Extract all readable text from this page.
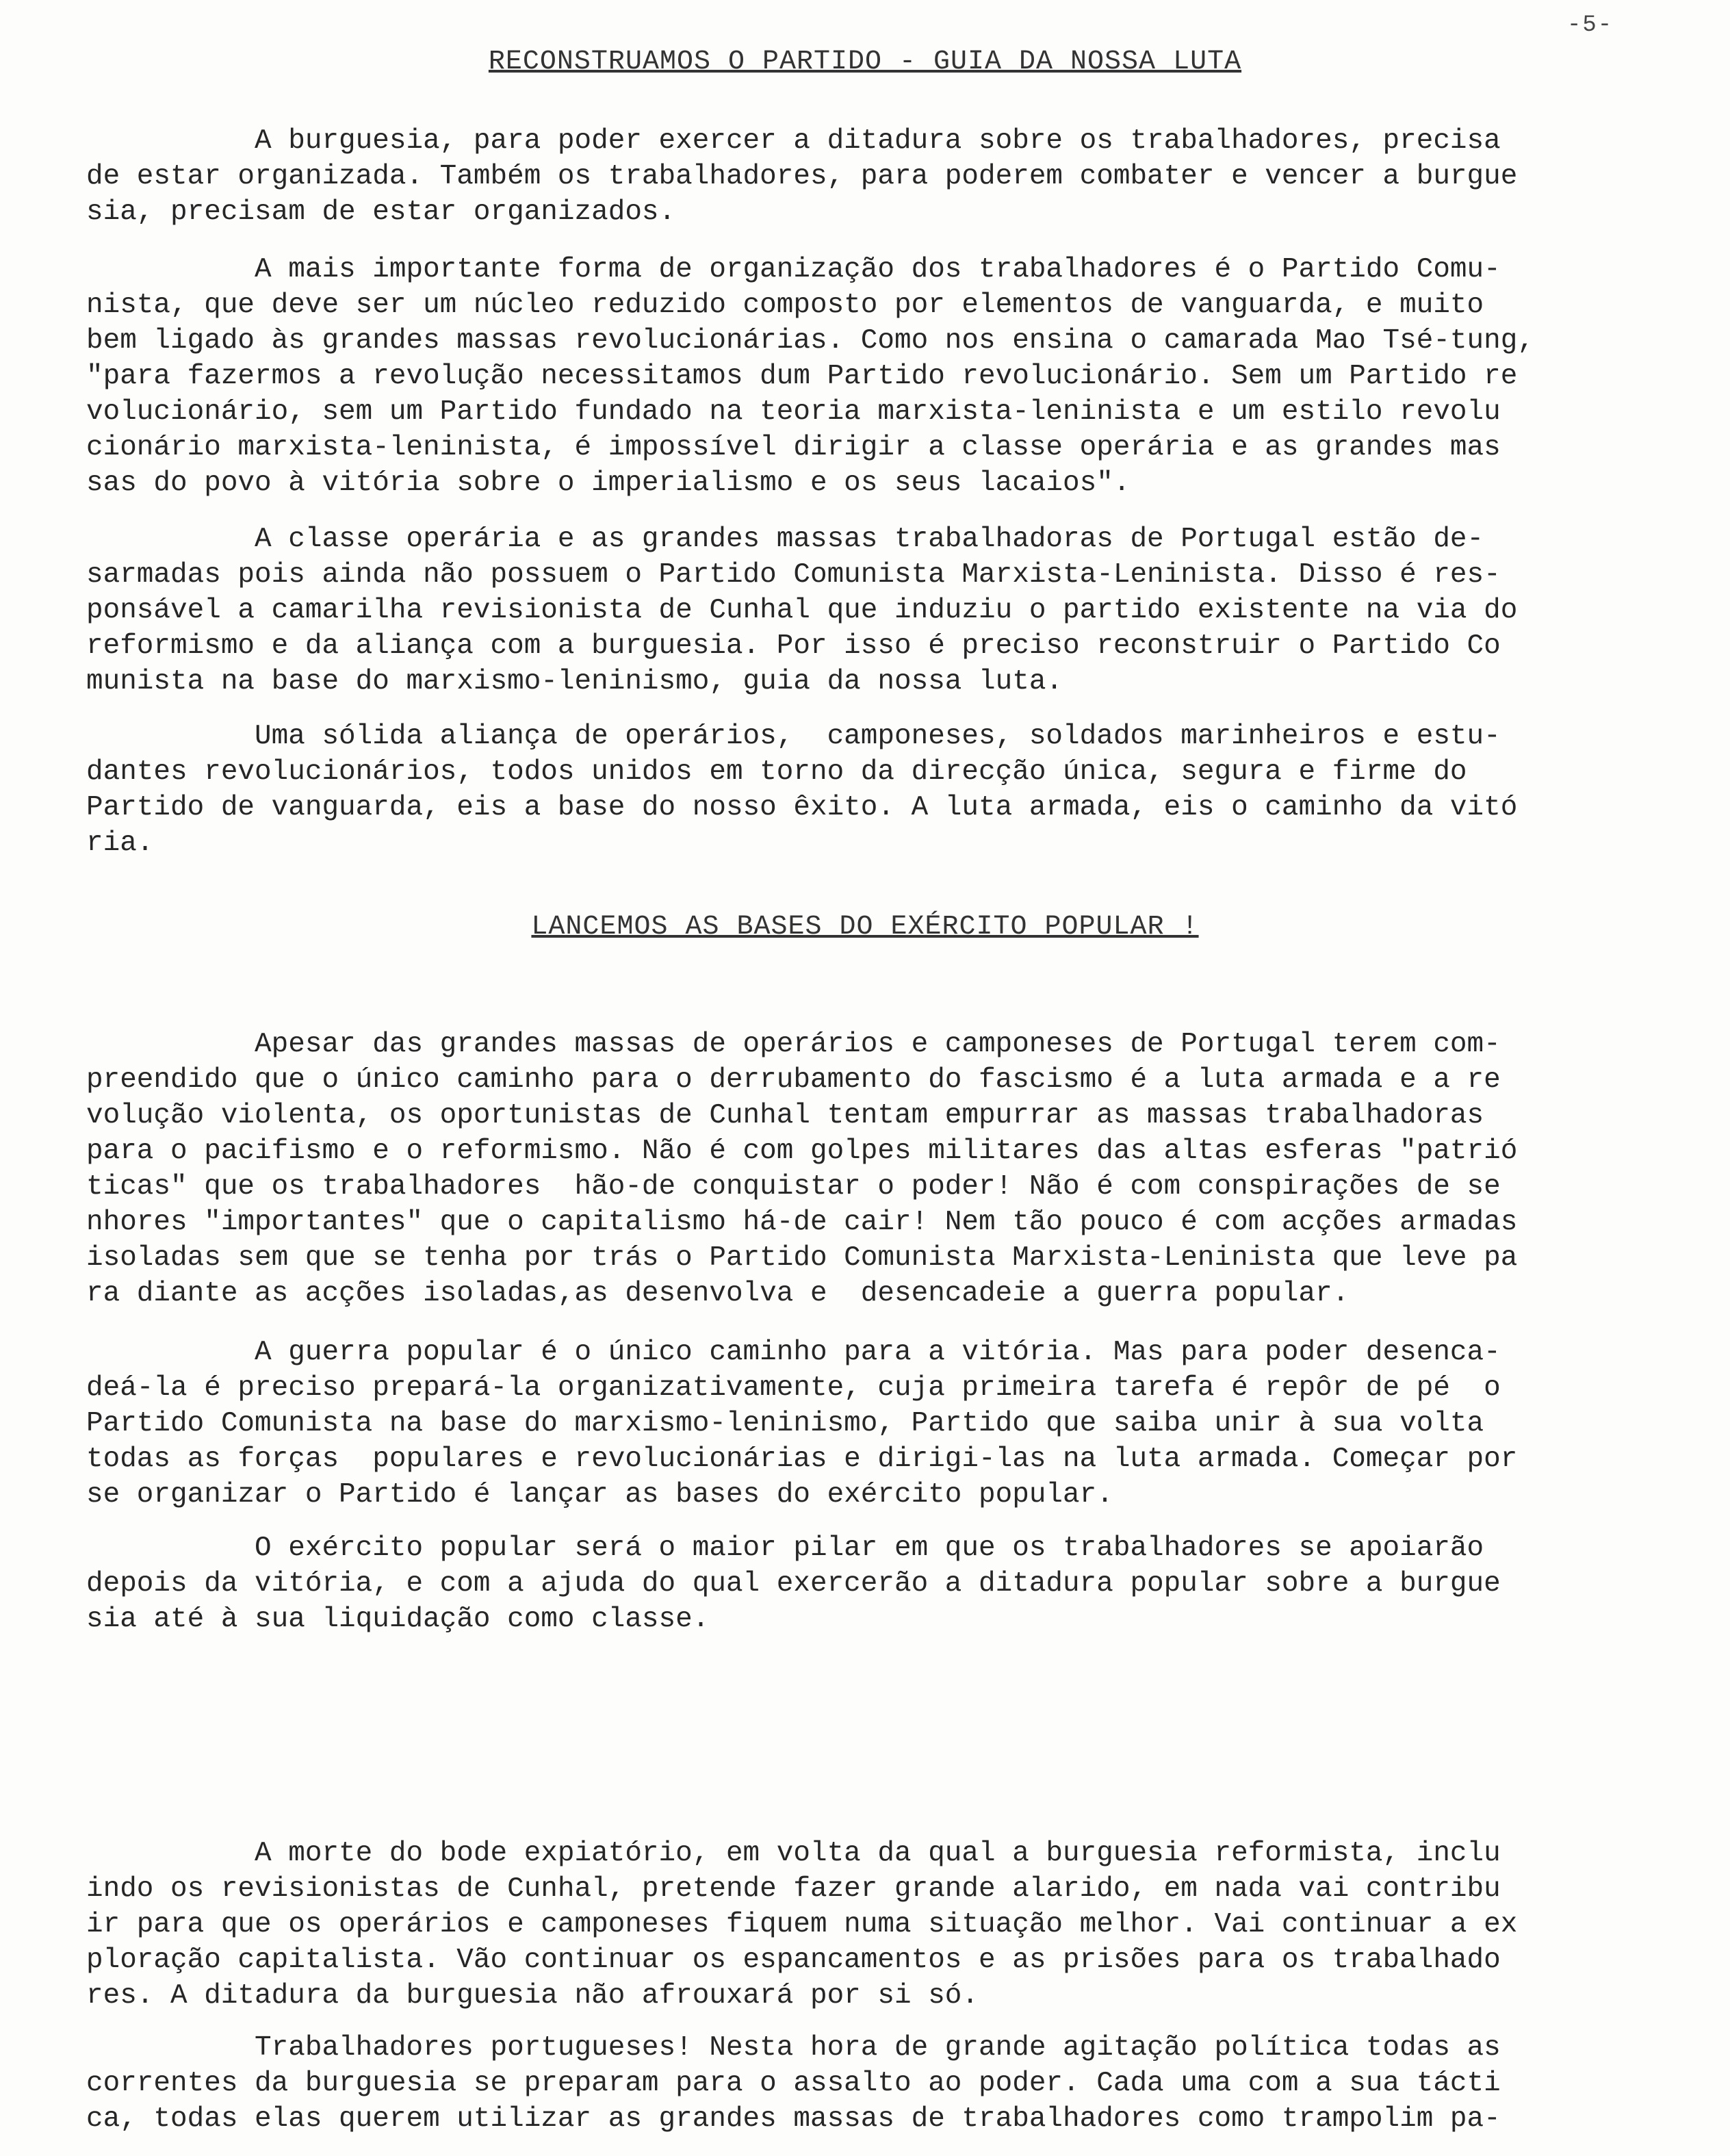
-5-
RECONSTRUAMOS O PARTIDO - GUIA DA NOSSA LUTA
A burguesia, para poder exercer a ditadura sobre os trabalhadores, precisa
de estar organizada. Também os trabalhadores, para poderem combater e vencer a burgue
sia, precisam de estar organizados.
A mais importante forma de organização dos trabalhadores é o Partido Comu-
nista, que deve ser um núcleo reduzido composto por elementos de vanguarda, e muito
bem ligado às grandes massas revolucionárias. Como nos ensina o camarada Mao Tsé-tung,
"para fazermos a revolução necessitamos dum Partido revolucionário. Sem um Partido re
volucionário, sem um Partido fundado na teoria marxista-leninista e um estilo revolu
cionário marxista-leninista, é impossível dirigir a classe operária e as grandes mas
sas do povo à vitória sobre o imperialismo e os seus lacaios".
A classe operária e as grandes massas trabalhadoras de Portugal estão de-
sarmadas pois ainda não possuem o Partido Comunista Marxista-Leninista. Disso é res-
ponsável a camarilha revisionista de Cunhal que induziu o partido existente na via do
reformismo e da aliança com a burguesia. Por isso é preciso reconstruir o Partido Co
munista na base do marxismo-leninismo, guia da nossa luta.
Uma sólida aliança de operários,  camponeses, soldados marinheiros e estu-
dantes revolucionários, todos unidos em torno da direcção única, segura e firme do
Partido de vanguarda, eis a base do nosso êxito. A luta armada, eis o caminho da vitó
ria.
LANCEMOS AS BASES DO EXÉRCITO POPULAR !
Apesar das grandes massas de operários e camponeses de Portugal terem com-
preendido que o único caminho para o derrubamento do fascismo é a luta armada e a re
volução violenta, os oportunistas de Cunhal tentam empurrar as massas trabalhadoras
para o pacifismo e o reformismo. Não é com golpes militares das altas esferas "patrió
ticas" que os trabalhadores  hão-de conquistar o poder! Não é com conspirações de se
nhores "importantes" que o capitalismo há-de cair! Nem tão pouco é com acções armadas
isoladas sem que se tenha por trás o Partido Comunista Marxista-Leninista que leve pa
ra diante as acções isoladas,as desenvolva e  desencadeie a guerra popular.
A guerra popular é o único caminho para a vitória. Mas para poder desenca-
deá-la é preciso prepará-la organizativamente, cuja primeira tarefa é repôr de pé  o
Partido Comunista na base do marxismo-leninismo, Partido que saiba unir à sua volta
todas as forças  populares e revolucionárias e dirigi-las na luta armada. Começar por
se organizar o Partido é lançar as bases do exército popular.
O exército popular será o maior pilar em que os trabalhadores se apoiarão
depois da vitória, e com a ajuda do qual exercerão a ditadura popular sobre a burgue
sia até à sua liquidação como classe.
A morte do bode expiatório, em volta da qual a burguesia reformista, inclu
indo os revisionistas de Cunhal, pretende fazer grande alarido, em nada vai contribu
ir para que os operários e camponeses fiquem numa situação melhor. Vai continuar a ex
ploração capitalista. Vão continuar os espancamentos e as prisões para os trabalhado
res. A ditadura da burguesia não afrouxará por si só.
Trabalhadores portugueses! Nesta hora de grande agitação política todas as
correntes da burguesia se preparam para o assalto ao poder. Cada uma com a sua tácti
ca, todas elas querem utilizar as grandes massas de trabalhadores como trampolim pa-
